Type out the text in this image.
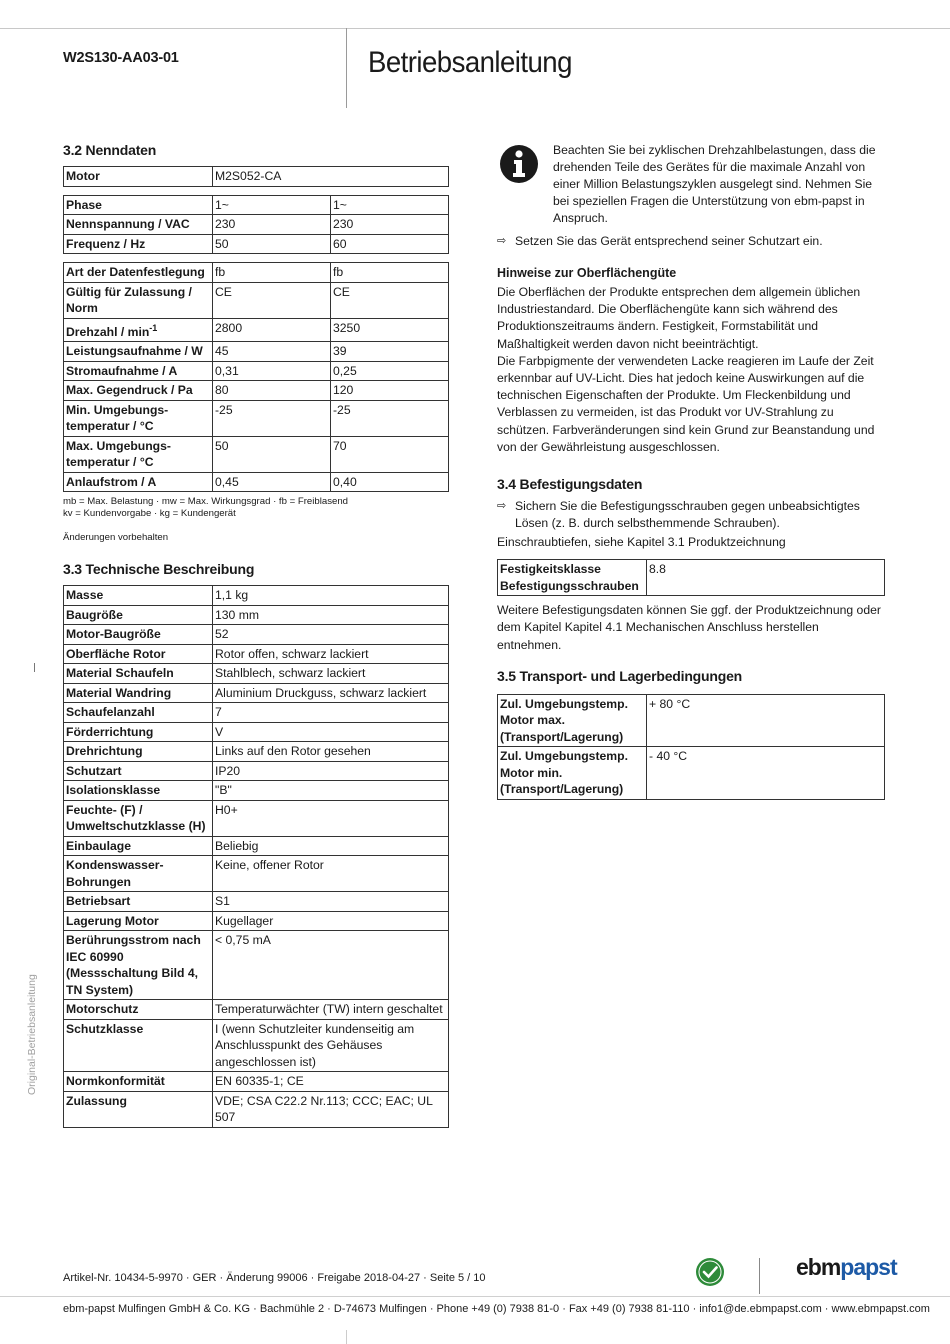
W2S130-AA03-01	Betriebsanleitung
Original-Betriebsanleitung
3.2 Nenndaten
Motor	M2S052-CA
Phase	1~	1~
Nennspannung / VAC	230	230
Frequenz / Hz	50	60
Art der Datenfestlegung	fb	fb
Gültig für Zulassung / Norm	CE	CE
Drehzahl / $\min^{-1}$	2800	3250
Leistungsaufnahme / W	45	39
Stromaufnahme / A	0,31	0,25
Max. Gegendruck / Pa	80	120
Min. Umgebungs-temperatur / °C	-25	-25
Max. Umgebungs-temperatur / °C	50	70
Anlaufstrom / A	0,45	0,40
mb = Max. Belastung · mw = Max. Wirkungsgrad · fb = Freiblasend
kv = Kundenvorgabe · kg = Kundengerät
Änderungen vorbehalten
3.3 Technische Beschreibung
Masse	1,1 kg
Baugröße	130 mm
Motor-Baugröße	52
Oberfläche Rotor	Rotor offen, schwarz lackiert
Material Schaufeln	Stahlblech, schwarz lackiert
Material Wandring	Aluminium Druckguss, schwarz lackiert
Schaufelanzahl	7
Förderrichtung	V
Drehrichtung	Links auf den Rotor gesehen
Schutzart	IP20
Isolationsklasse	"B"
Feuchte- (F) / Umweltschutzklasse (H)	H0+
Einbaulage	Beliebig
Kondenswasser-Bohrungen	Keine, offener Rotor
Betriebsart	S1
Lagerung Motor	Kugellager
Berührungsstrom nach IEC 60990 (Messschaltung Bild 4, TN System)	< 0,75 mA
Motorschutz	Temperaturwächter (TW) intern geschaltet
Schutzklasse	I (wenn Schutzleiter kundenseitig am Anschlusspunkt des Gehäuses angeschlossen ist)
Normkonformität	EN 60335-1; CE
Zulassung	VDE; CSA C22.2 Nr.113; CCC; EAC; UL 507
Beachten Sie bei zyklischen Drehzahlbelastungen, dass die drehenden Teile des Gerätes für die maximale Anzahl von einer Million Belastungszyklen ausgelegt sind. Nehmen Sie bei speziellen Fragen die Unterstützung von ebm-papst in Anspruch.
⇨ Setzen Sie das Gerät entsprechend seiner Schutzart ein.
Hinweise zur Oberflächengüte
Die Oberflächen der Produkte entsprechen dem allgemein üblichen Industriestandard. Die Oberflächengüte kann sich während des Produktionszeitraums ändern. Festigkeit, Formstabilität und Maßhaltigkeit werden davon nicht beeinträchtigt.
Die Farbpigmente der verwendeten Lacke reagieren im Laufe der Zeit erkennbar auf UV-Licht. Dies hat jedoch keine Auswirkungen auf die technischen Eigenschaften der Produkte. Um Fleckenbildung und Verblassen zu vermeiden, ist das Produkt vor UV-Strahlung zu schützen. Farbveränderungen sind kein Grund zur Beanstandung und von der Gewährleistung ausgeschlossen.
3.4 Befestigungsdaten
⇨ Sichern Sie die Befestigungsschrauben gegen unbeabsichtigtes Lösen (z. B. durch selbsthemmende Schrauben).
Einschraubtiefen, siehe Kapitel 3.1 Produktzeichnung
Festigkeitsklasse Befestigungsschrauben	8.8
Weitere Befestigungsdaten können Sie ggf. der Produktzeichnung oder dem Kapitel Kapitel 4.1 Mechanischen Anschluss herstellen entnehmen.
3.5 Transport- und Lagerbedingungen
Zul. Umgebungstemp. Motor max. (Transport/Lagerung)	+ 80 °C
Zul. Umgebungstemp. Motor min. (Transport/Lagerung)	- 40 °C
Artikel-Nr. 10434-5-9970 · GER · Änderung 99006 · Freigabe 2018-04-27 · Seite 5 / 10	ebmpapst
ebm-papst Mulfingen GmbH & Co. KG · Bachmühle 2 · D-74673 Mulfingen · Phone +49 (0) 7938 81-0 · Fax +49 (0) 7938 81-110 · info1@de.ebmpapst.com · www.ebmpapst.com
